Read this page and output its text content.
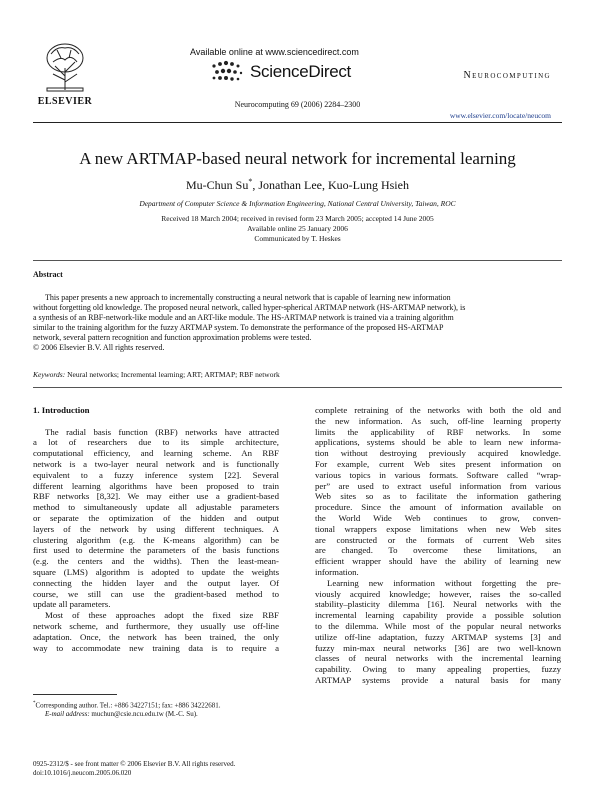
ELSEVIER
Available online at www.sciencedirect.com
ScienceDirect
Neurocomputing 69 (2006) 2284–2300
Neurocomputing
www.elsevier.com/locate/neucom
A new ARTMAP-based neural network for incremental learning
Mu-Chun Su*, Jonathan Lee, Kuo-Lung Hsieh
Department of Computer Science & Information Engineering, National Central University, Taiwan, ROC
Received 18 March 2004; received in revised form 23 March 2005; accepted 14 June 2005
Available online 25 January 2006
Communicated by T. Heskes
Abstract
This paper presents a new approach to incrementally constructing a neural network that is capable of learning new information
without forgetting old knowledge. The proposed neural network, called hyper-spherical ARTMAP network (HS-ARTMAP network), is
a synthesis of an RBF-network-like module and an ART-like module. The HS-ARTMAP network is trained via a training algorithm
similar to the training algorithm for the fuzzy ARTMAP system. To demonstrate the performance of the proposed HS-ARTMAP
network, several pattern recognition and function approximation problems were tested.
© 2006 Elsevier B.V. All rights reserved.
Keywords: Neural networks; Incremental learning; ART; ARTMAP; RBF network
1. Introduction
The radial basis function (RBF) networks have attracted
a lot of researchers due to its simple architecture,
computational efficiency, and learning scheme. An RBF
network is a two-layer neural network and is functionally
equivalent to a fuzzy inference system [22]. Several
different learning algorithms have been proposed to train
RBF networks [8,32]. We may either use a gradient-based
method to simultaneously update all adjustable parameters
or separate the optimization of the hidden and output
layers of the network by using different techniques. A
clustering algorithm (e.g. the K-means algorithm) can be
first used to determine the parameters of the basis functions
(e.g. the centers and the widths). Then the least-mean-
square (LMS) algorithm is adopted to update the weights
connecting the hidden layer and the output layer. Of
course, we still can use the gradient-based method to
update all parameters.
Most of these approaches adopt the fixed size RBF
network scheme, and furthermore, they usually use off-line
adaptation. Once, the network has been trained, the only
way to accommodate new training data is to require a
complete retraining of the networks with both the old and
the new information. As such, off-line learning property
limits the applicability of RBF networks. In some
applications, systems should be able to learn new informa-
tion without destroying previously acquired knowledge.
For example, current Web sites present information on
various topics in various formats. Software called “wrap-
per” are used to extract useful information from various
Web sites so as to facilitate the information gathering
procedure. Since the amount of information available on
the World Wide Web continues to grow, conven-
tional wrappers expose limitations when new Web sites
are constructed or the formats of current Web sites
are changed. To overcome these limitations, an
efficient wrapper should have the ability of learning new
information.
Learning new information without forgetting the pre-
viously acquired knowledge; however, raises the so-called
stability–plasticity dilemma [16]. Neural networks with the
incremental learning capability provide a possible solution
to the dilemma. While most of the popular neural networks
utilize off-line adaptation, fuzzy ARTMAP systems [3] and
fuzzy min-max neural networks [36] are two well-known
classes of neural networks with the incremental learning
capability. Owing to many appealing properties, fuzzy
ARTMAP systems provide a natural basis for many
*Corresponding author. Tel.: +886 34227151; fax: +886 34222681.
E-mail address: muchun@csie.ncu.edu.tw (M.-C. Su).
0925-2312/$ - see front matter © 2006 Elsevier B.V. All rights reserved.
doi:10.1016/j.neucom.2005.06.020
